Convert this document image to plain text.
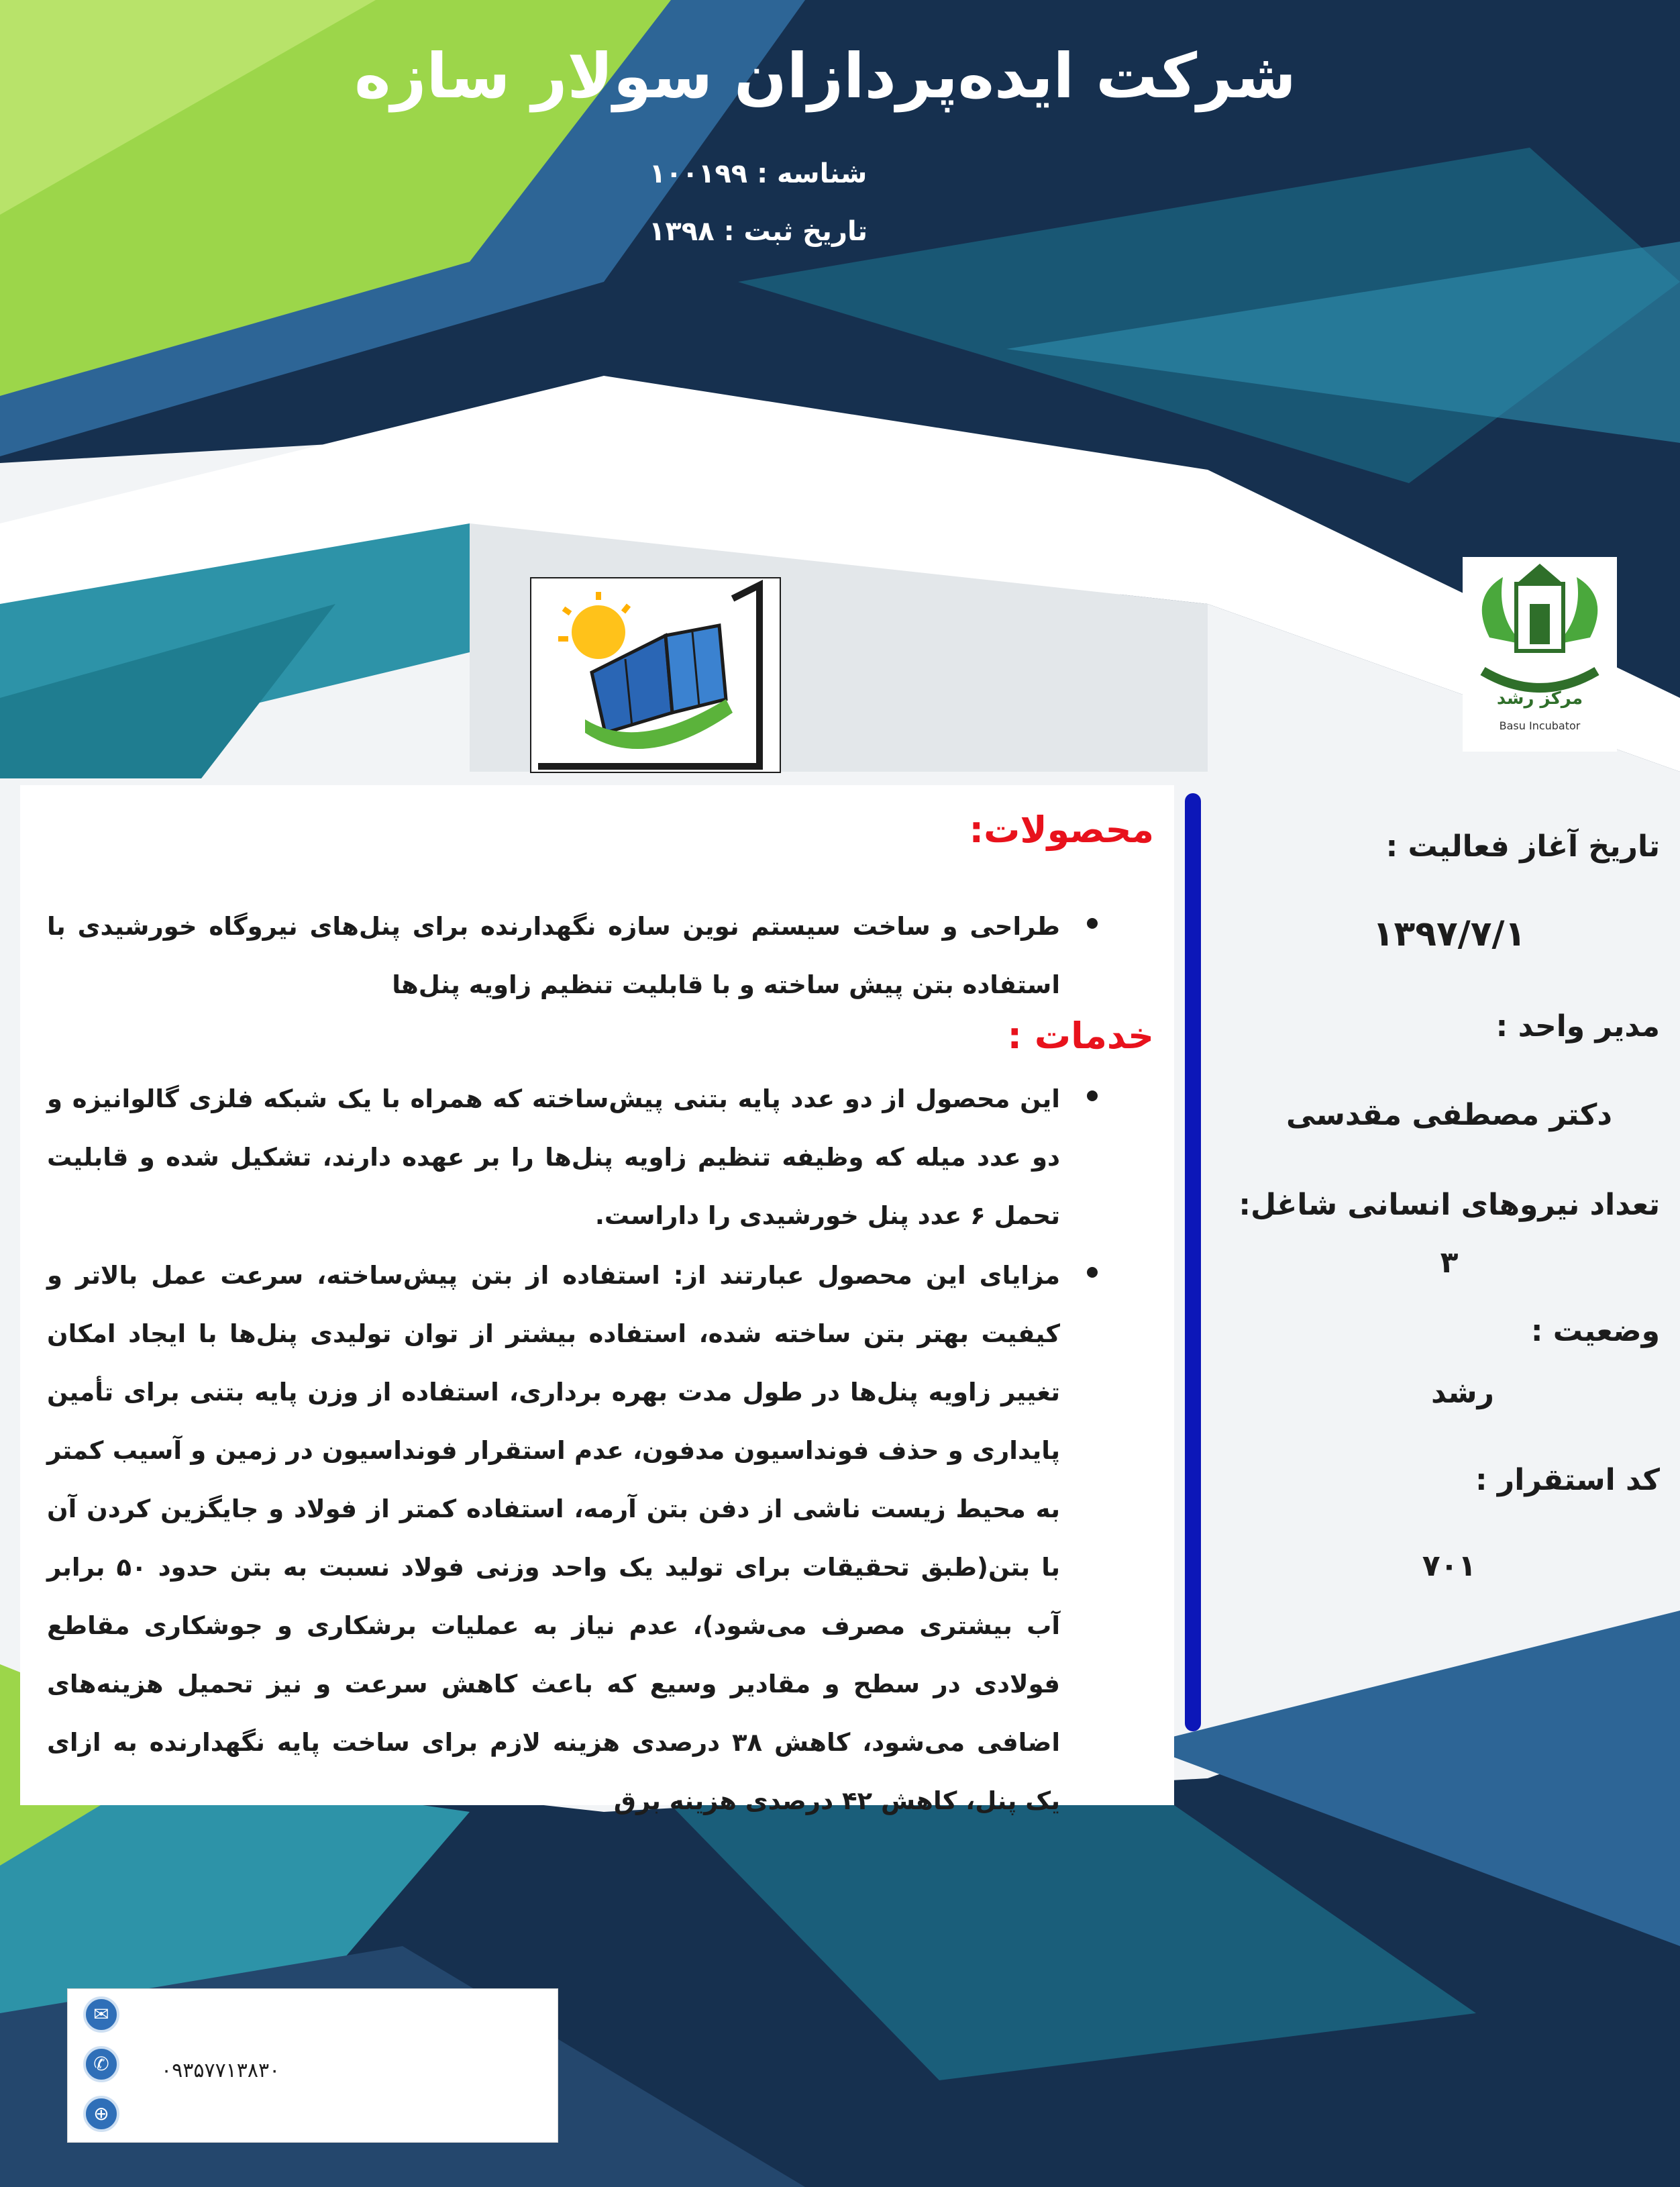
شرکت ایده‌پردازان سولار سازه
شناسه : ۱۰۰۱۹۹
تاریخ ثبت : ۱۳۹۸
مرکز رشد
Basu Incubator
محصولات:
طراحی و ساخت سیستم نوین سازه نگهدارنده برای پنل‌های نیروگاه خورشیدی با استفاده بتن پیش ساخته و با قابلیت تنظیم زاویه پنل‌ها
خدمات :
این محصول از دو عدد پایه بتنی پیش‌ساخته که همراه با یک شبکه فلزی گالوانیزه و دو عدد میله که وظیفه تنظیم زاویه پنل‌ها را بر عهده دارند، تشکیل شده و قابلیت تحمل ۶ عدد پنل خورشیدی را داراست.
مزایای این محصول عبارتند از: استفاده از بتن پیش‌ساخته، سرعت عمل بالاتر و کیفیت بهتر بتن ساخته شده، استفاده بیشتر از توان تولیدی پنل‌ها با ایجاد امکان تغییر زاویه پنل‌ها در طول مدت بهره برداری، استفاده از وزن پایه بتنی برای تأمین پایداری و حذف فونداسیون مدفون، عدم استقرار فونداسیون در زمین و آسیب کمتر به محیط زیست ناشی از دفن بتن آرمه، استفاده کمتر از فولاد و جایگزین کردن آن با بتن(طبق تحقیقات برای تولید یک واحد وزنی فولاد نسبت به بتن حدود ۵۰ برابر آب بیشتری مصرف می‌شود)، عدم نیاز به عملیات برشکاری و جوشکاری مقاطع فولادی در سطح و مقادیر وسیع که باعث کاهش سرعت و نیز تحمیل هزینه‌های اضافی می‌شود، کاهش ۳۸ درصدی هزینه لازم برای ساخت پایه نگهدارنده به ازای یک پنل، کاهش ۴۲ درصدی هزینه برق
تاریخ آغاز فعالیت :
۱۳۹۷/۷/۱
مدیر واحد :
دکتر مصطفی مقدسی
تعداد نیروهای انسانی شاغل:
۳
وضعیت :
رشد
کد استقرار :
۷۰۱
✉
✆
⊕
۰۹۳۵۷۷۱۳۸۳۰
